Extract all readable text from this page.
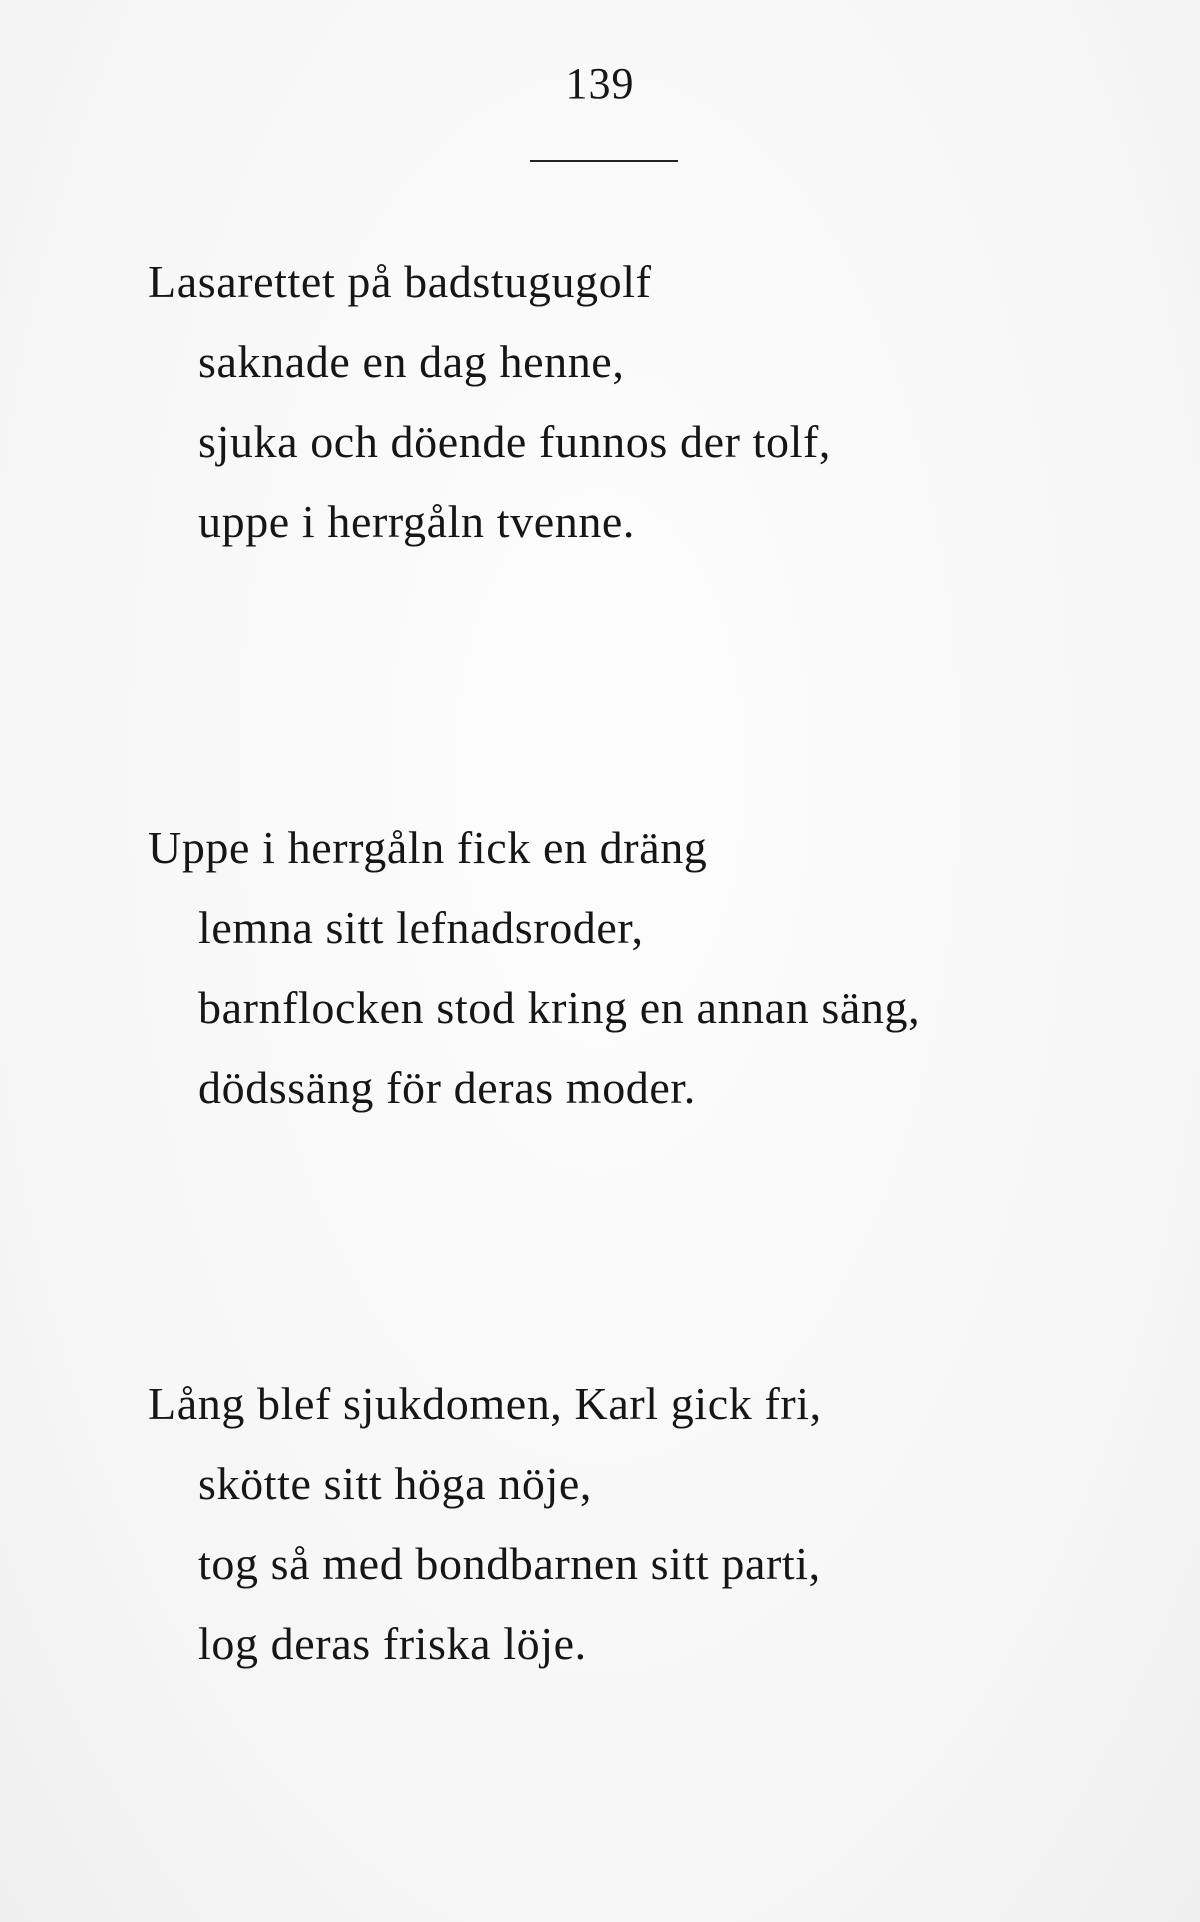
139
Lasarettet på badstugugolf
saknade en dag henne,
sjuka och döende funnos der tolf,
uppe i herrgåln tvenne.
Uppe i herrgåln fick en dräng
lemna sitt lefnadsroder,
barnflocken stod kring en annan säng,
dödssäng för deras moder.
Lång blef sjukdomen, Karl gick fri,
skötte sitt höga nöje,
tog så med bondbarnen sitt parti,
log deras friska löje.
